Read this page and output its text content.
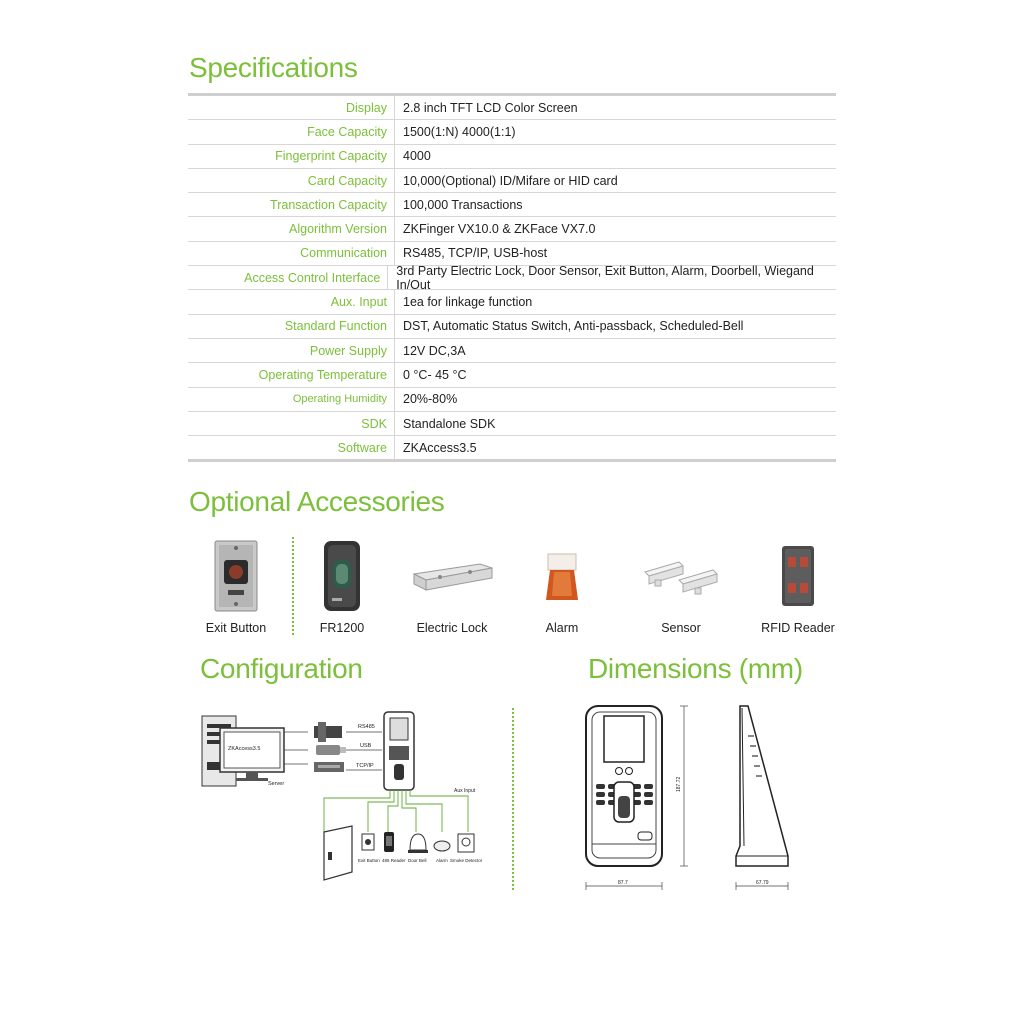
Specifications
Optional Accessories
Configuration	Dimensions (mm)
Display	2.8 inch TFT LCD Color Screen
Face Capacity	1500(1:N) 4000(1:1)
Fingerprint Capacity	4000
Card Capacity	10,000(Optional) ID/Mifare or HID card
Transaction Capacity	100,000 Transactions
Algorithm Version	ZKFinger VX10.0 & ZKFace VX7.0
Communication	RS485, TCP/IP, USB-host
Access Control Interface	3rd Party Electric Lock, Door Sensor, Exit Button, Alarm, Doorbell, Wiegand In/Out
Aux. Input	1ea for linkage function
Standard Function	DST, Automatic Status Switch, Anti-passback, Scheduled-Bell
Power Supply	12V DC,3A
Operating Temperature	0 °C- 45 °C
Operating Humidity	20%-80%
SDK	Standalone SDK
Software	ZKAccess3.5
Exit Button	FR1200	Electric Lock	Alarm	Sensor	RFID Reader
ZKAccess3.5
Server
RS485
USB
TCP/IP
Aux Input
Exit Button 485 Reader Door Bell Alarm Smoke Detector
187.72
87.7	67.79
